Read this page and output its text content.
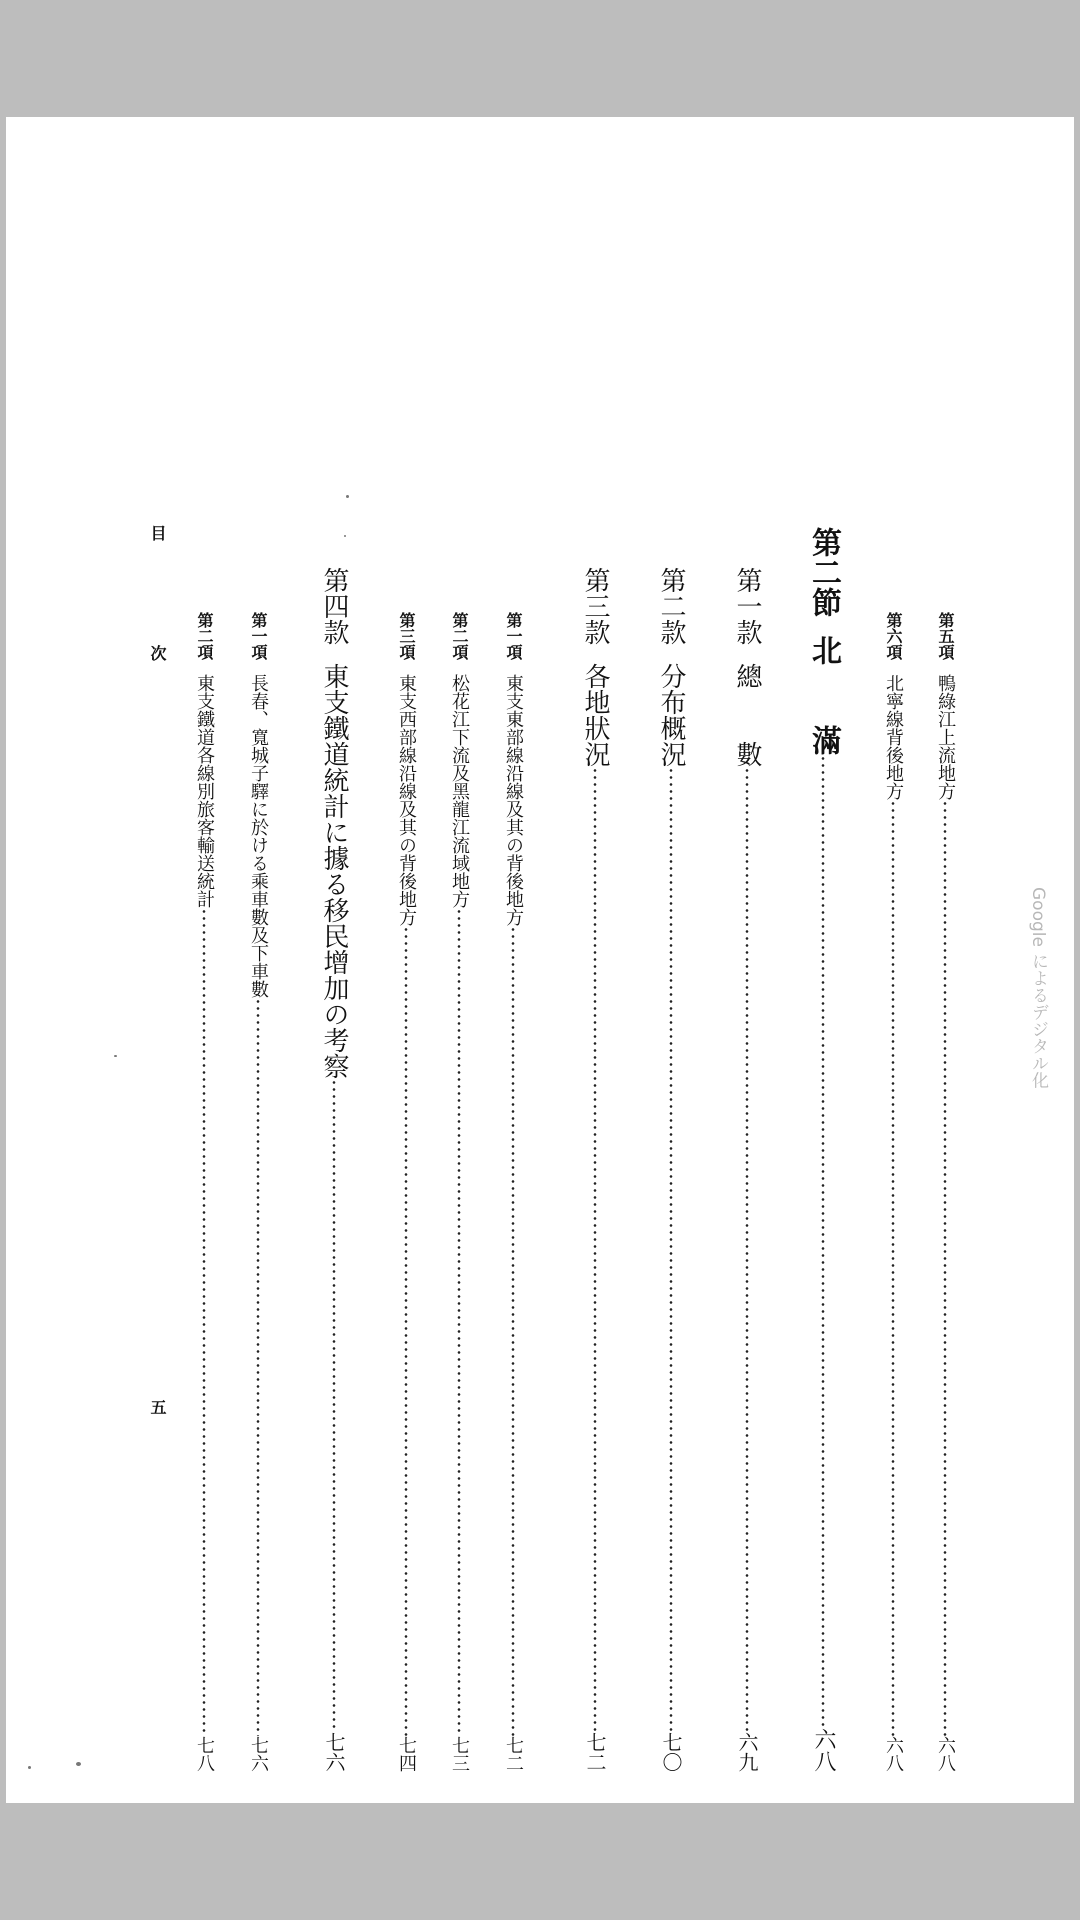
Google によるデジタル化
第五項
鴨綠江上流地方
六八
第六項
北寧線背後地方
六八
第二節
北　　滿
六八
第一款
總　　數
六九
第二款
分布概況
七〇
第三款
各地狀況
七二
第一項
東支東部線沿線及其の背後地方
七二
第二項
松花江下流及黑龍江流域地方
七三
第三項
東支西部線沿線及其の背後地方
七四
第四款
東支鐵道統計に據る移民增加の考察
七六
第一項
長春、寬城子驛に於ける乘車數及下車數
七六
第二項
東支鐵道各線別旅客輸送統計
七八
目
次
五
